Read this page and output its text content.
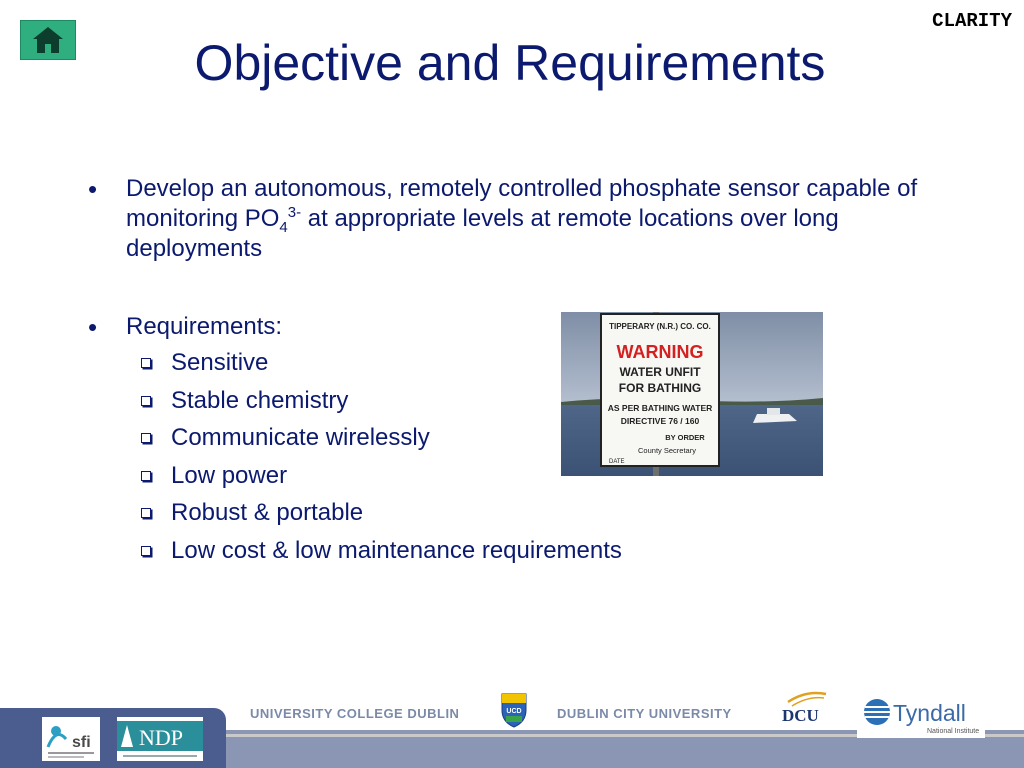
CLARITY
Objective and Requirements
• Develop an autonomous, remotely controlled phosphate sensor capable of monitoring $PO_4^{3-}$ at appropriate levels at remote locations over long deployments
• Requirements:
Sensitive
Stable chemistry
Communicate wirelessly
Low power
Robust & portable
Low cost & low maintenance requirements
TIPPERARY (N.R.) CO. CO.
WARNING
WATER UNFIT
FOR BATHING
AS PER BATHING WATER
DIRECTIVE 76 / 160
BY ORDER
County Secretary
DATE
sfi NDP
UNIVERSITY COLLEGE DUBLIN	UCD	DUBLIN CITY UNIVERSITY	DCU	Tyndall
National Institute
